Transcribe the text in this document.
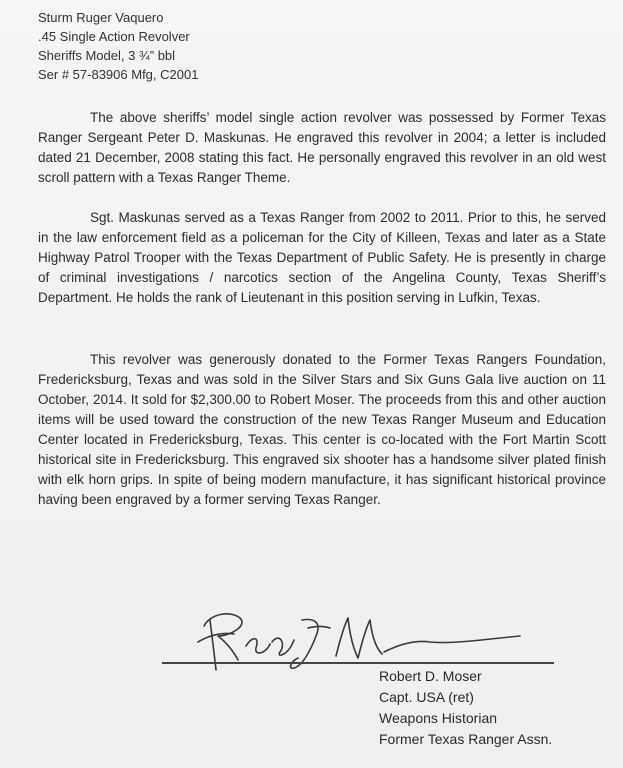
Sturm Ruger Vaquero
.45 Single Action Revolver
Sheriffs Model, 3 ¾” bbl
Ser # 57-83906 Mfg, C2001
The above sheriffs’ model single action revolver was possessed by Former Texas Ranger Sergeant Peter D. Maskunas. He engraved this revolver in 2004; a letter is included dated 21 December, 2008 stating this fact. He personally engraved this revolver in an old west scroll pattern with a Texas Ranger Theme.
Sgt. Maskunas served as a Texas Ranger from 2002 to 2011. Prior to this, he served in the law enforcement field as a policeman for the City of Killeen, Texas and later as a State Highway Patrol Trooper with the Texas Department of Public Safety. He is presently in charge of criminal investigations / narcotics section of the Angelina County, Texas Sheriff’s Department. He holds the rank of Lieutenant in this position serving in Lufkin, Texas.
This revolver was generously donated to the Former Texas Rangers Foundation, Fredericksburg, Texas and was sold in the Silver Stars and Six Guns Gala live auction on 11 October, 2014. It sold for $2,300.00 to Robert Moser. The proceeds from this and other auction items will be used toward the construction of the new Texas Ranger Museum and Education Center located in Fredericksburg, Texas. This center is co-located with the Fort Martin Scott historical site in Fredericksburg. This engraved six shooter has a handsome silver plated finish with elk horn grips. In spite of being modern manufacture, it has significant historical province having been engraved by a former serving Texas Ranger.
Robert D. Moser
Capt. USA (ret)
Weapons Historian
Former Texas Ranger Assn.
